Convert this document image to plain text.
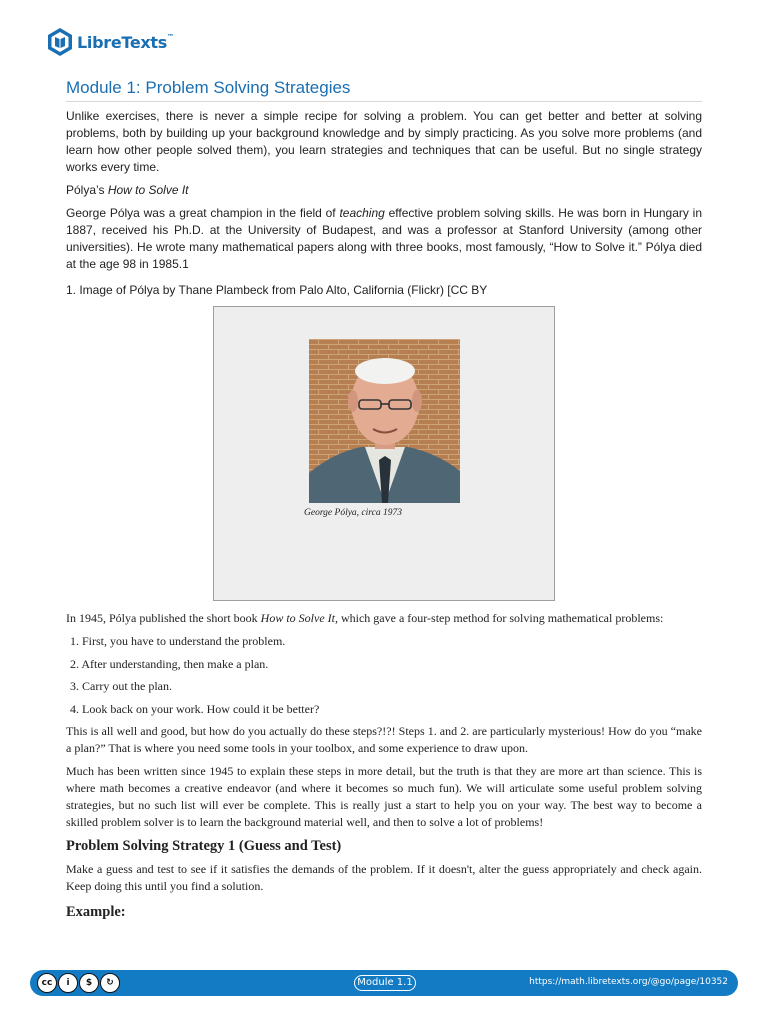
LibreTexts™
Module 1: Problem Solving Strategies

Unlike exercises, there is never a simple recipe for solving a problem. You can get better and better at solving problems, both by building up your background knowledge and by simply practicing. As you solve more problems (and learn how other people solved them), you learn strategies and techniques that can be useful. But no single strategy works every time.

Pólya’s How to Solve It

George Pólya was a great champion in the field of teaching effective problem solving skills. He was born in Hungary in 1887, received his Ph.D. at the University of Budapest, and was a professor at Stanford University (among other universities). He wrote many mathematical papers along with three books, most famously, “How to Solve it.” Pólya died at the age 98 in 1985.1

1. Image of Pólya by Thane Plambeck from Palo Alto, California (Flickr) [CC BY

George Pólya, circa 1973

In 1945, Pólya published the short book How to Solve It, which gave a four-step method for solving mathematical problems:

1. First, you have to understand the problem.
2. After understanding, then make a plan.
3. Carry out the plan.
4. Look back on your work. How could it be better?

This is all well and good, but how do you actually do these steps?!?! Steps 1. and 2. are particularly mysterious! How do you “make a plan?” That is where you need some tools in your toolbox, and some experience to draw upon.

Much has been written since 1945 to explain these steps in more detail, but the truth is that they are more art than science. This is where math becomes a creative endeavor (and where it becomes so much fun). We will articulate some useful problem solving strategies, but no such list will ever be complete. This is really just a start to help you on your way. The best way to become a skilled problem solver is to learn the background material well, and then to solve a lot of problems!

Problem Solving Strategy 1 (Guess and Test)

Make a guess and test to see if it satisfies the demands of the problem. If it doesn't, alter the guess appropriately and check again. Keep doing this until you find a solution.

Example:
cc	i	$	↻	Module 1.1	https://math.libretexts.org/@go/page/10352
